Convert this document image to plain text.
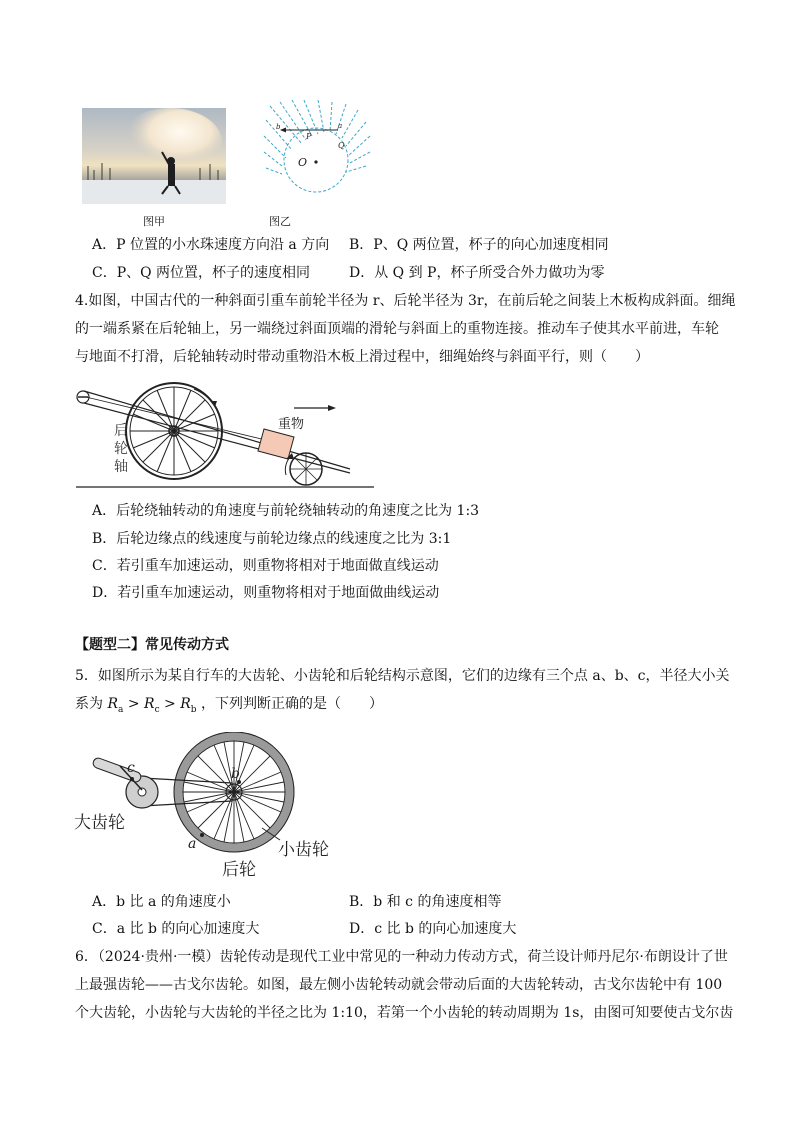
图甲
b
P
a
Q
O
图乙
A．P 位置的小水珠速度方向沿 a 方向 B．P、Q 两位置，杯子的向心加速度相同
C．P、Q 两位置，杯子的速度相同	D．从 Q 到 P，杯子所受合外力做功为零
4.如图，中国古代的一种斜面引重车前轮半径为 r、后轮半径为 3r，在前后轮之间装上木板构成斜面。细绳
的一端系紧在后轮轴上，另一端绕过斜面顶端的滑轮与斜面上的重物连接。推动车子使其水平前进，车轮
与地面不打滑，后轮轴转动时带动重物沿木板上滑过程中，细绳始终与斜面平行，则（　　）
重物
后
轮
轴
A．后轮绕轴转动的角速度与前轮绕轴转动的角速度之比为 1:3
B．后轮边缘点的线速度与前轮边缘点的线速度之比为 3:1
C．若引重车加速运动，则重物将相对于地面做直线运动
D．若引重车加速运动，则重物将相对于地面做曲线运动
【题型二】常见传动方式
5．如图所示为某自行车的大齿轮、小齿轮和后轮结构示意图，它们的边缘有三个点 a、b、c，半径大小关
系为 $R_a > R_c > R_b$ ，下列判断正确的是（　　）
c	b
a
大齿轮
小齿轮
后轮
A．b 比 a 的角速度小	B．b 和 c 的角速度相等
C．a 比 b 的向心加速度大	D．c 比 b 的向心加速度大
6．（2024·贵州·一模）齿轮传动是现代工业中常见的一种动力传动方式，荷兰设计师丹尼尔·布朗设计了世
上最强齿轮——古戈尔齿轮。如图，最左侧小齿轮转动就会带动后面的大齿轮转动，古戈尔齿轮中有 100
个大齿轮，小齿轮与大齿轮的半径之比为 1:10，若第一个小齿轮的转动周期为 1s，由图可知要使古戈尔齿
